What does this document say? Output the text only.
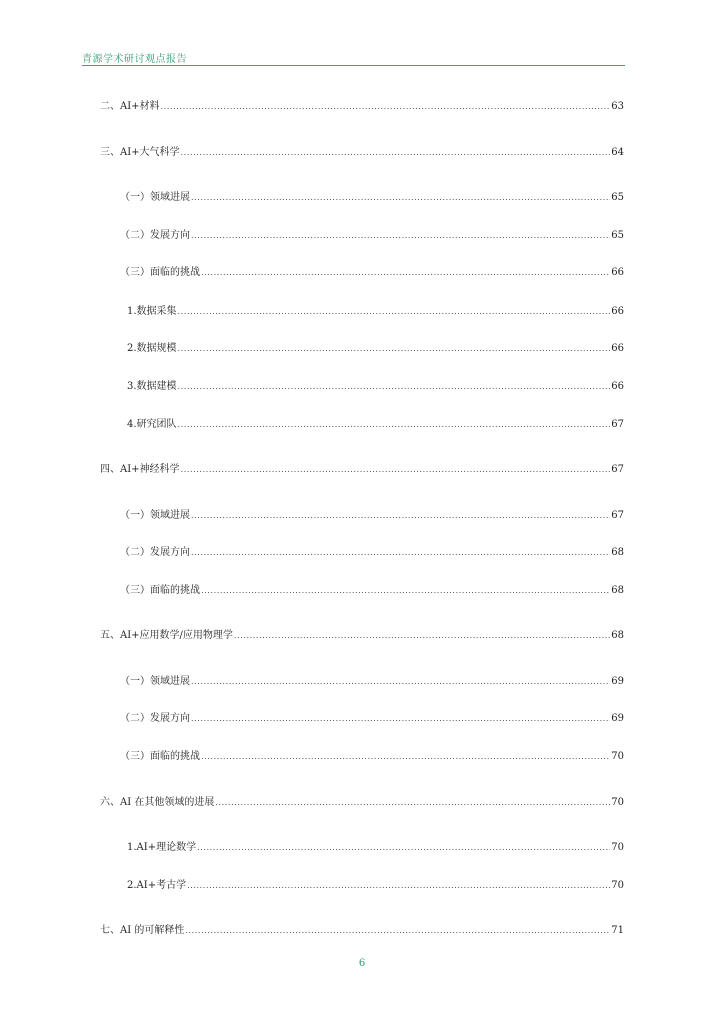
青源学术研讨观点报告
二、AI+材料 .....	63
三、AI+大气科学 .....	64
（一）领域进展 .....	65
（二）发展方向 .....	65
（三）面临的挑战 .....	66
1.数据采集 .....	66
2.数据规模 .....	66
3.数据建模 .....	66
4.研究团队 .....	67
四、AI+神经科学 .....	67
（一）领域进展 .....	67
（二）发展方向 .....	68
（三）面临的挑战 .....	68
五、AI+应用数学/应用物理学 .....	68
（一）领域进展 .....	69
（二）发展方向 .....	69
（三）面临的挑战 .....	70
六、AI 在其他领域的进展 .....	70
1.AI+理论数学 .....	70
2.AI+考古学 .....	70
七、AI 的可解释性 .....	71
6
